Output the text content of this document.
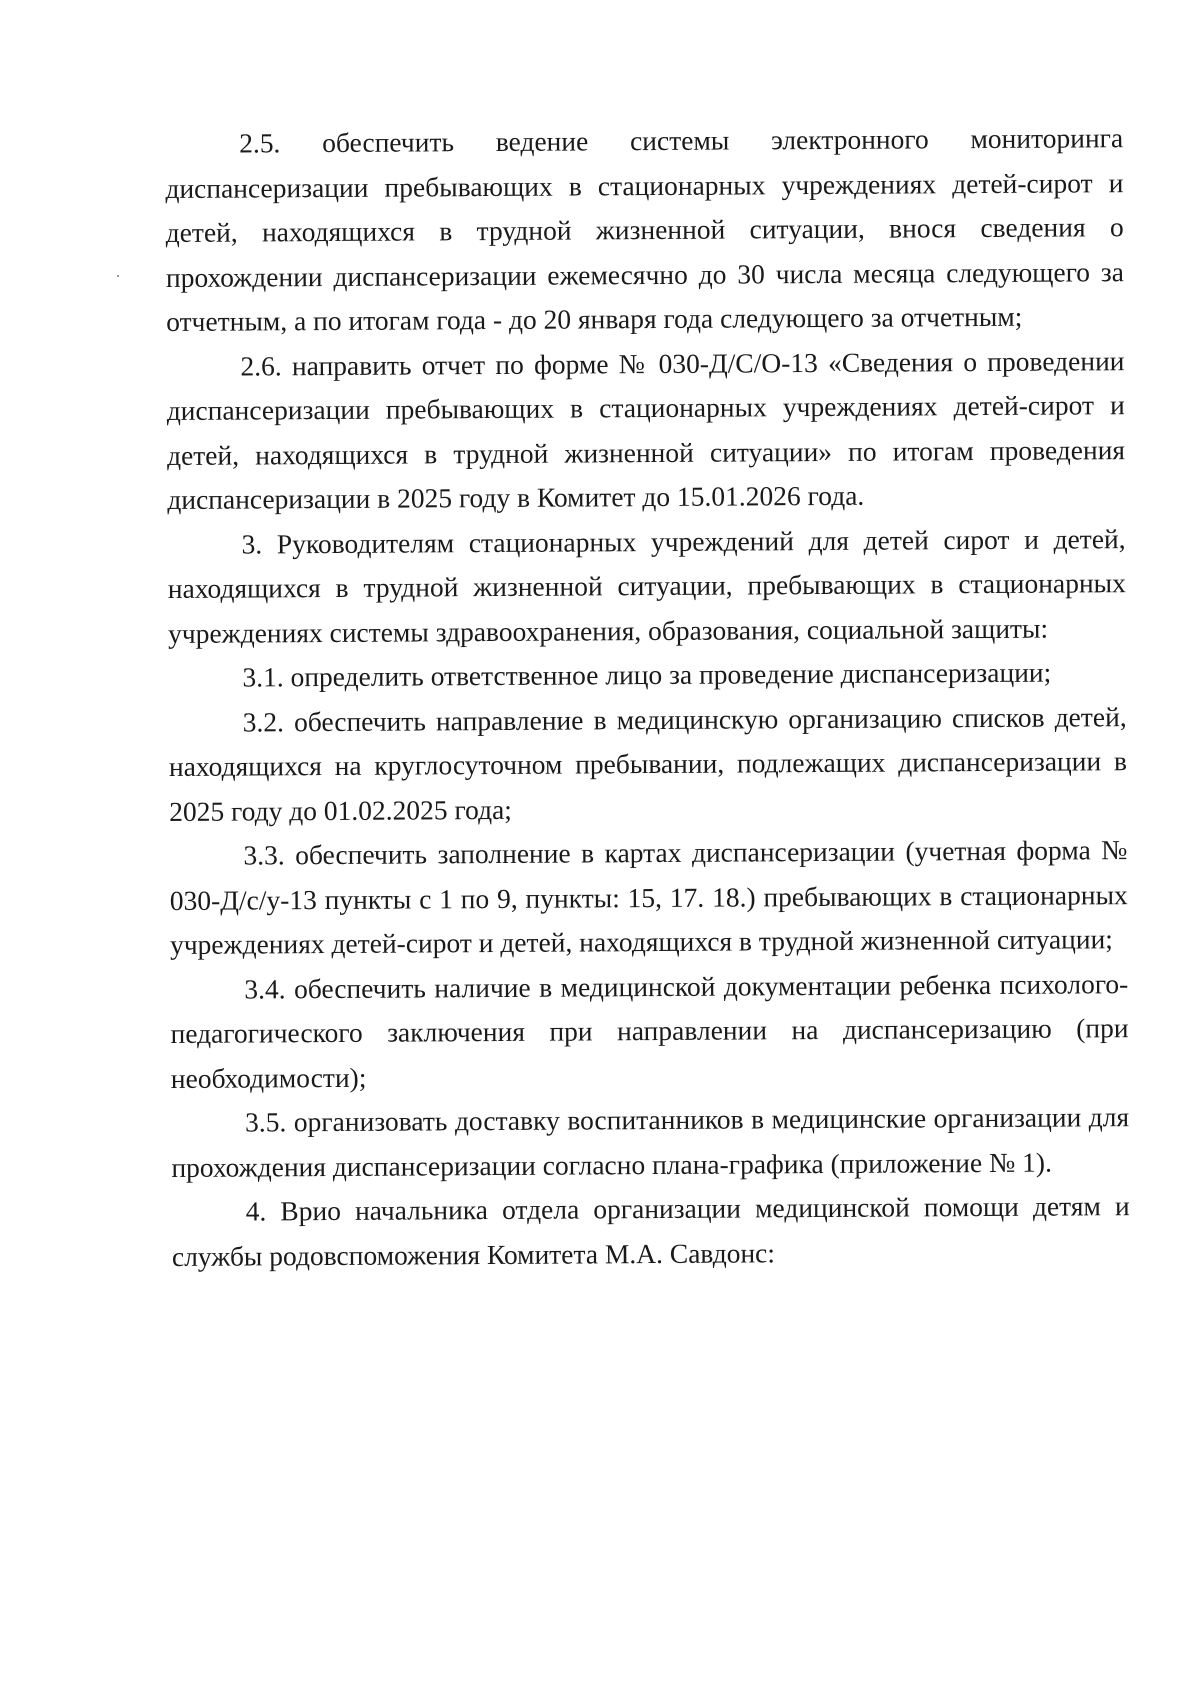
2.5. обеспечить ведение системы электронного мониторинга диспансеризации пребывающих в стационарных учреждениях детей-сирот и детей, находящихся в трудной жизненной ситуации, внося сведения о прохождении диспансеризации ежемесячно до 30 числа месяца следующего за отчетным, а по итогам года - до 20 января года следующего за отчетным;

2.6. направить отчет по форме № 030-Д/С/О-13 «Сведения о проведении диспансеризации пребывающих в стационарных учреждениях детей-сирот и детей, находящихся в трудной жизненной ситуации» по итогам проведения диспансеризации в 2025 году в Комитет до 15.01.2026 года.

3. Руководителям стационарных учреждений для детей сирот и детей, находящихся в трудной жизненной ситуации, пребывающих в стационарных учреждениях системы здравоохранения, образования, социальной защиты:

3.1. определить ответственное лицо за проведение диспансеризации;

3.2. обеспечить направление в медицинскую организацию списков детей, находящихся на круглосуточном пребывании, подлежащих диспансеризации в 2025 году до 01.02.2025 года;

3.3. обеспечить заполнение в картах диспансеризации (учетная форма № 030-Д/с/у-13 пункты с 1 по 9, пункты: 15, 17. 18.) пребывающих в стационарных учреждениях детей-сирот и детей, находящихся в трудной жизненной ситуации;

3.4. обеспечить наличие в медицинской документации ребенка психолого-педагогического заключения при направлении на диспансеризацию (при необходимости);

3.5. организовать доставку воспитанников в медицинские организации для прохождения диспансеризации согласно плана-графика (приложение № 1).

4. Врио начальника отдела организации медицинской помощи детям и службы родовспоможения Комитета М.А. Савдонс:
